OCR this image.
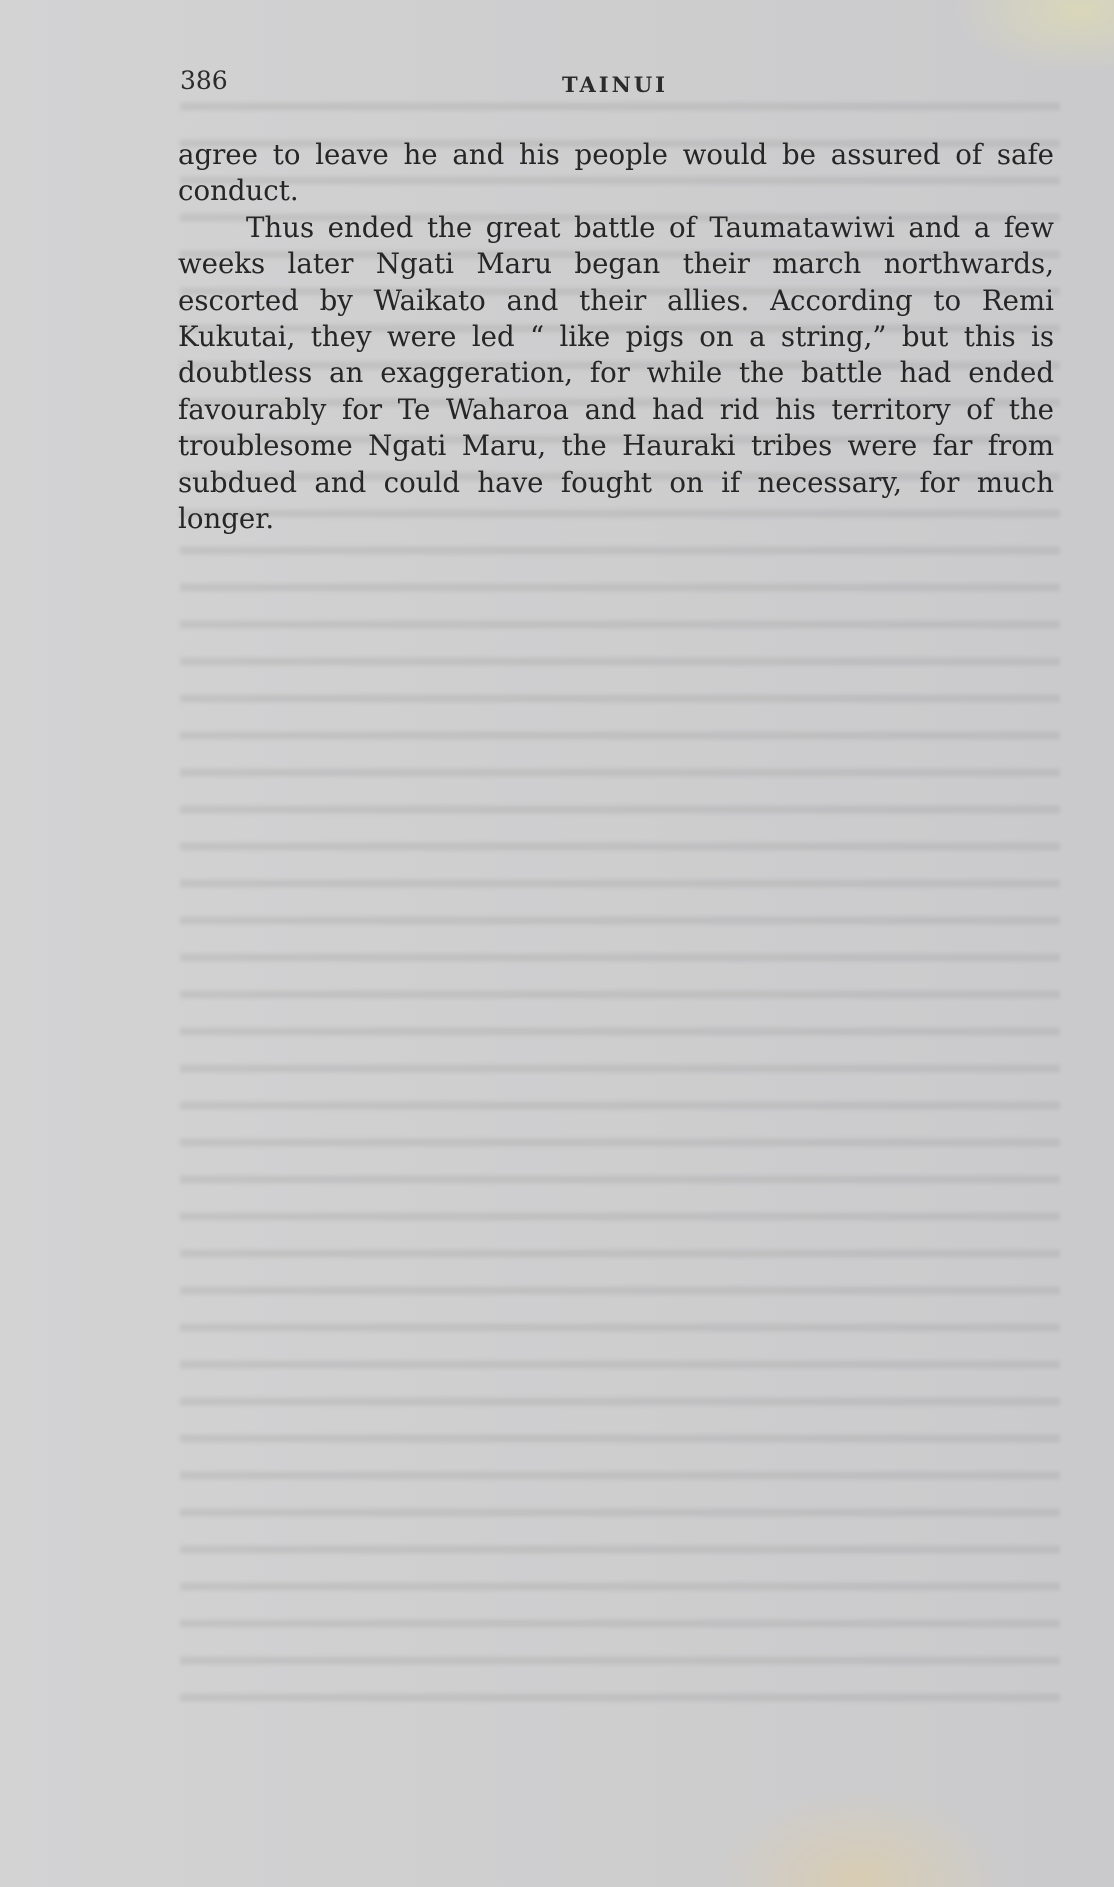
386	TAINUI

agree to leave he and his people would be assured of safe conduct.

Thus ended the great battle of Taumatawiwi and a few weeks later Ngati Maru began their march northwards, escorted by Waikato and their allies. According to Remi Kukutai, they were led “ like pigs on a string,” but this is doubtless an exaggeration, for while the battle had ended favourably for Te Waharoa and had rid his territory of the troublesome Ngati Maru, the Hauraki tribes were far from subdued and could have fought on if necessary, for much longer.
